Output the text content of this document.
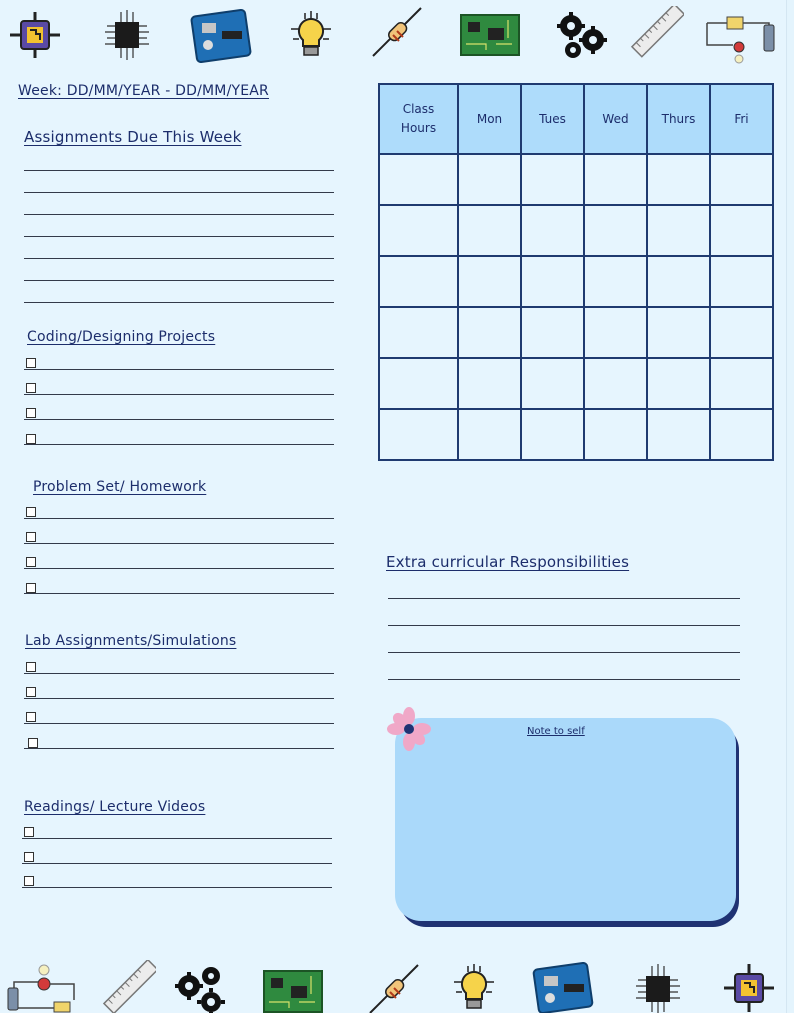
Week: DD/MM/YEAR - DD/MM/YEAR
Assignments Due This Week
Coding/Designing Projects
Problem Set/ Homework
Lab Assignments/Simulations
Readings/ Lecture Videos
Class Hours	Mon	Tues	Wed	Thurs	Fri

Extra curricular Responsibilities
Note to self
